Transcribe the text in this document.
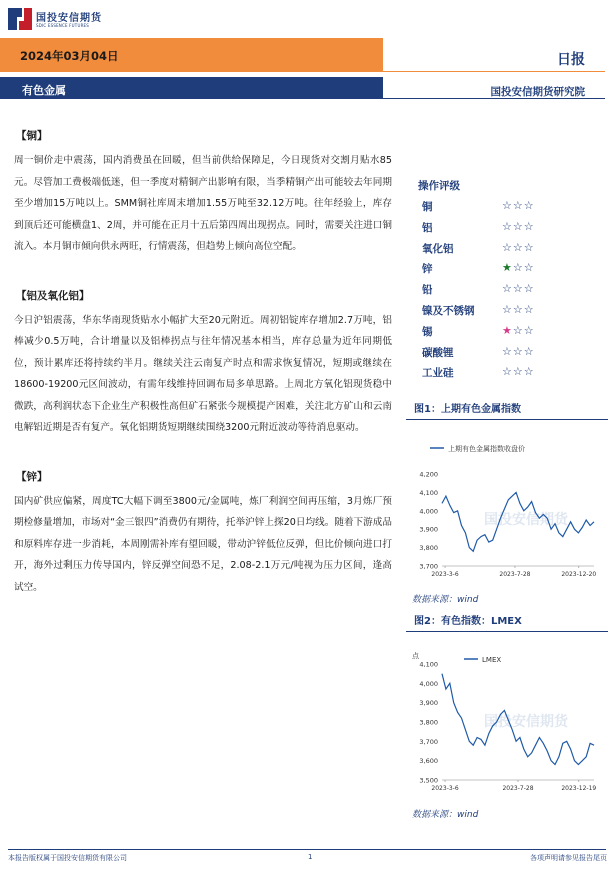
国投安信期货
SDIC ESSENCE FUTURES
2024年03月04日	日报
有色金属	国投安信期货研究院
【铜】
周一铜价走中震荡，国内消费虽在回暖，但当前供给保障足，今日现货对交割月贴水85元。尽管加工费极端低迷，但一季度对精铜产出影响有限，当季精铜产出可能较去年同期至少增加15万吨以上。SMM铜社库周末增加1.55万吨至32.12万吨。往年经验上，库存到顶后还可能横盘1、2周，并可能在正月十五后第四周出现拐点。同时，需要关注进口铜流入。本月铜市倾向供永两旺，行情震荡，但趋势上倾向高位空配。
【铝及氧化铝】
今日沪铝震荡，华东华南现货贴水小幅扩大至20元附近。周初铝锭库存增加2.7万吨，铝棒减少0.5万吨，合计增量以及铝棒拐点与往年情况基本相当，库存总量为近年同期低位，预计累库还将持续约半月。继续关注云南复产时点和需求恢复情况，短期或继续在18600-19200元区间波动，有需年线维持回调布局多单思路。上周北方氧化铝现货稳中微跌，高利润状态下企业生产积极性高但矿石紧张今规模提产困难，关注北方矿山和云南电解铝近期是否有复产。氧化铝期货短期继续围绕3200元附近波动等待消息驱动。
【锌】
国内矿供应偏紧，周度TC大幅下调至3800元/金属吨，炼厂利润空间再压缩，3月炼厂预期检修量增加，市场对“金三银四”消费仍有期待，托举沪锌上探20日均线。随着下游成品和原料库存进一步消耗，本周刚需补库有望回暖，带动沪锌低位反弹，但比价倾向进口打开，海外过剩压力传导国内，锌反弹空间恐不足，2.08-2.1万元/吨视为压力区间，逢高试空。
操作评级
铜	☆☆☆
铝	☆☆☆
氧化铝	☆☆☆
锌	★☆☆
铅	☆☆☆
镍及不锈钢	☆☆☆
锡	★☆☆
碳酸锂	☆☆☆
工业硅	☆☆☆
图1：上期有色金属指数
上期有色金属指数收盘价
国投安信期货
3,700
3,800
3,900
4,000
4,100
4,200
2023-3-6	2023-7-28	2023-12-20
数据来源：wind
图2：有色指数：LMEX
LMEX
点
国投安信期货
3,500
3,600
3,700
3,800
3,900
4,000
4,100
2023-3-6	2023-7-28	2023-12-19
数据来源：wind
本报告版权属于国投安信期货有限公司	1	各项声明请参见报告尾页
